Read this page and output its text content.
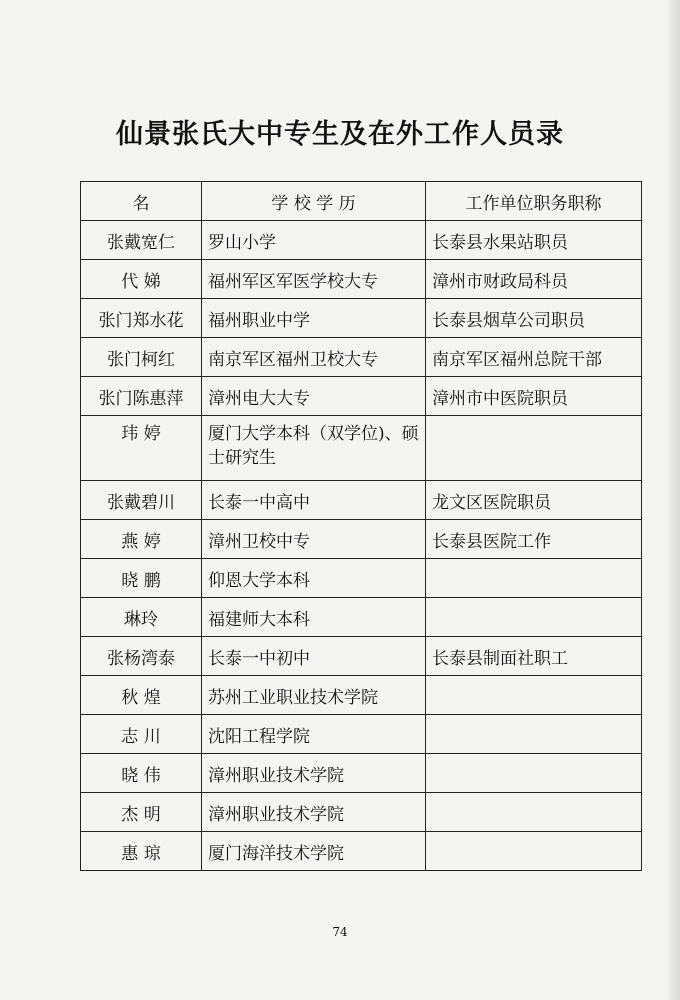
仙景张氏大中专生及在外工作人员录
名	学 校 学 历	工作单位职务职称
张戴宽仁	罗山小学	长泰县水果站职员
代 娣	福州军区军医学校大专	漳州市财政局科员
张门郑水花	福州职业中学	长泰县烟草公司职员
张门柯红	南京军区福州卫校大专	南京军区福州总院干部
张门陈惠萍	漳州电大大专	漳州市中医院职员
玮 婷	厦门大学本科（双学位)、硕士研究生	
张戴碧川	长泰一中高中	龙文区医院职员
燕 婷	漳州卫校中专	长泰县医院工作
晓 鹏	仰恩大学本科	
琳玲	福建师大本科	
张杨湾泰	长泰一中初中	长泰县制面社职工
秋 煌	苏州工业职业技术学院	
志 川	沈阳工程学院	
晓 伟	漳州职业技术学院	
杰 明	漳州职业技术学院	
惠 琼	厦门海洋技术学院	
74
